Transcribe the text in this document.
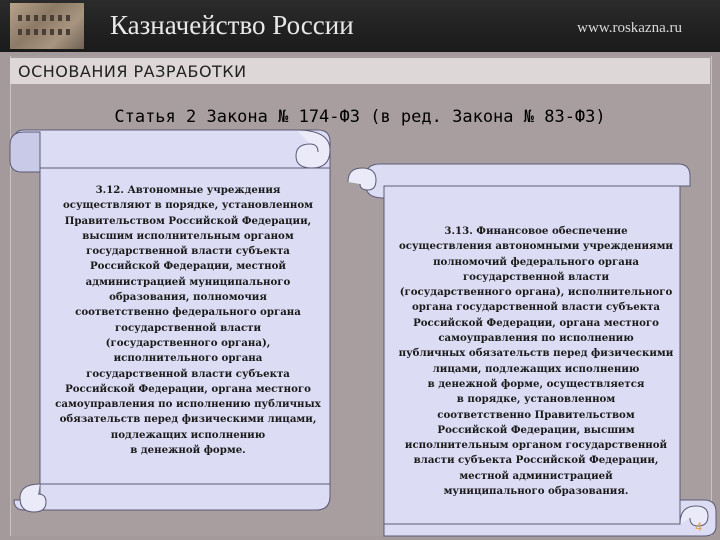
Казначейство России	www.roskazna.ru
ОСНОВАНИЯ РАЗРАБОТКИ
Статья 2 Закона № 174-ФЗ (в ред. Закона № 83-ФЗ)
3.12. Автономные учреждения
осуществляют в порядке, установленном
Правительством Российской Федерации,
высшим исполнительным органом
государственной власти субъекта
Российской Федерации, местной
администрацией муниципального
образования, полномочия
соответственно федерального органа
государственной власти
(государственного органа),
исполнительного органа
государственной власти субъекта
Российской Федерации, органа местного
самоуправления по исполнению публичных
обязательств перед физическими лицами,
подлежащих исполнению
в денежной форме.
3.13. Финансовое обеспечение
осуществления автономными учреждениями
полномочий федерального органа
государственной власти
(государственного органа), исполнительного
органа государственной власти субъекта
Российской Федерации, органа местного
самоуправления по исполнению
публичных обязательств перед физическими
лицами, подлежащих исполнению
в денежной форме, осуществляется
в порядке, установленном
соответственно Правительством
Российской Федерации, высшим
исполнительным органом государственной
власти субъекта Российской Федерации,
местной администрацией
муниципального образования.
4
